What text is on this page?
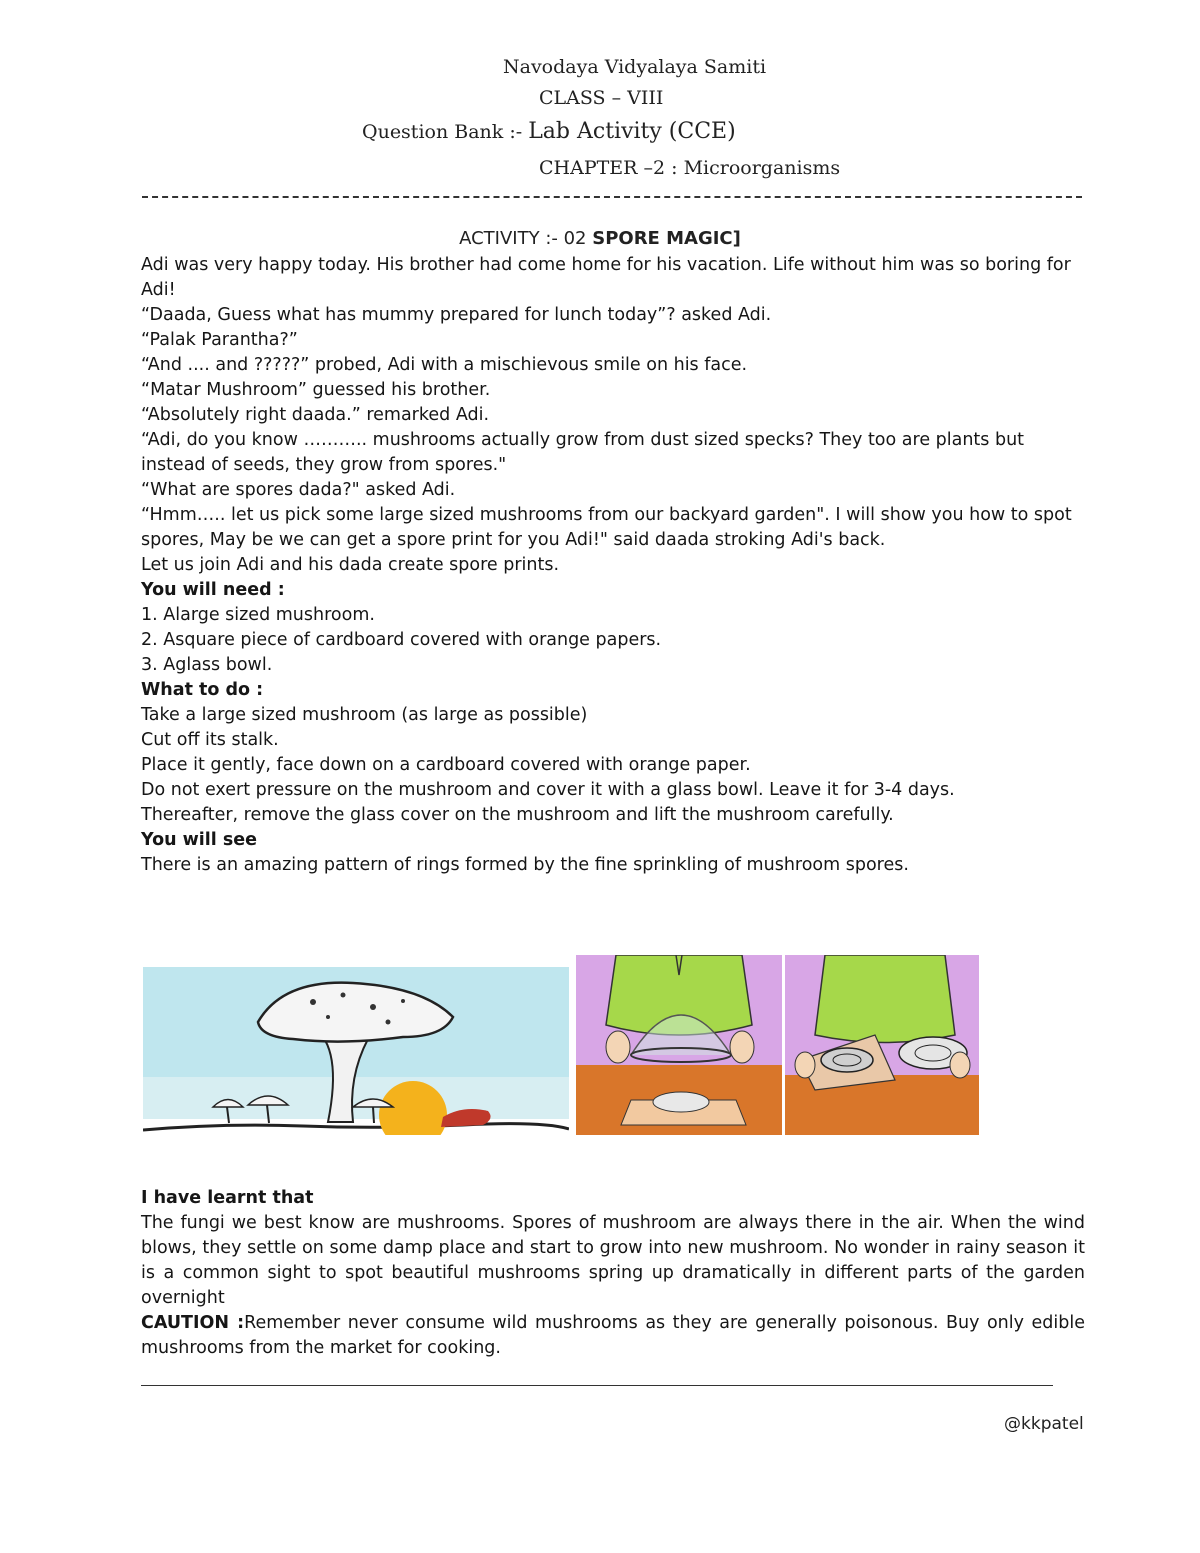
Navodaya Vidyalaya Samiti
CLASS – VIII
Question Bank :- Lab Activity (CCE)
CHAPTER –2 : Microorganisms
ACTIVITY :- 02 SPORE MAGIC]

Adi was very happy today. His brother had come home for his vacation. Life without him was so boring for

Adi!

“Daada, Guess what has mummy prepared for lunch today”? asked Adi.

“Palak Parantha?”

“And .... and ?????” probed, Adi with a mischievous smile on his face.

“Matar Mushroom” guessed his brother.

“Absolutely right daada.” remarked Adi.

“Adi, do you know ……….. mushrooms actually grow from dust sized specks? They too are plants but

instead of seeds, they grow from spores."

“What are spores dada?" asked Adi.

“Hmm….. let us pick some large sized mushrooms from our backyard garden". I will show you how to spot

spores, May be we can get a spore print for you Adi!" said daada stroking Adi's back.

Let us join Adi and his dada create spore prints.

You will need :

1. Alarge sized mushroom.

2. Asquare piece of cardboard covered with orange papers.

3. Aglass bowl.

What to do :

Take a large sized mushroom (as large as possible)

Cut off its stalk.

Place it gently, face down on a cardboard covered with orange paper.

Do not exert pressure on the mushroom and cover it with a glass bowl. Leave it for 3-4 days.

Thereafter, remove the glass cover on the mushroom and lift the mushroom carefully.

You will see

There is an amazing pattern of rings formed by the fine sprinkling of mushroom spores.

I have learnt that

The fungi we best know are mushrooms. Spores of mushroom are always there in the air. When the wind blows, they settle on some damp place and start to grow into new mushroom. No wonder in rainy season it is a common sight to spot beautiful mushrooms spring up dramatically in different parts of the garden overnight

CAUTION :Remember never consume wild mushrooms as they are generally poisonous. Buy only edible mushrooms from the market for cooking.

@kkpatel
